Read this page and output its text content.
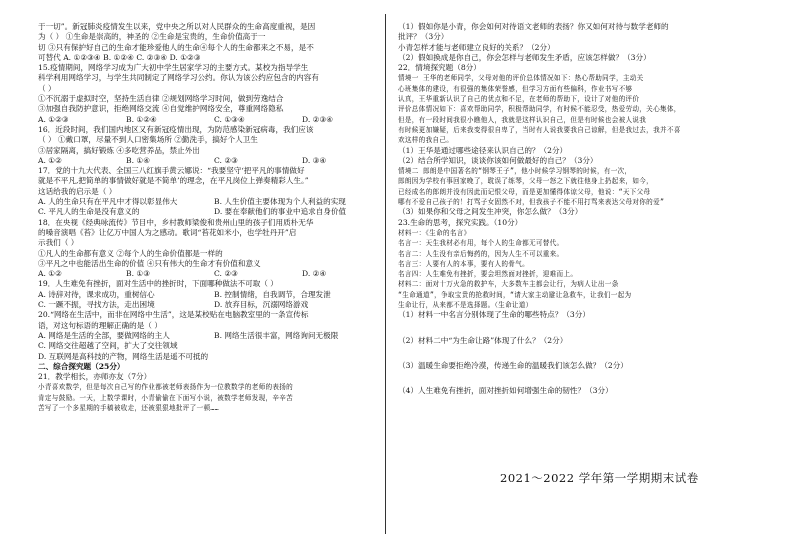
于一切”。新冠肺炎疫情发生以来，党中央之所以对人民群众的生命高度重视，是因
为（ ） ①生命是崇高的，神圣的 ②生命是宝贵的，生命价值高于一
切 ③只有保护好自己的生命才能珍爱他人的生命④每个人的生命都来之不易，是不
可替代 A. ①②③④ B. ①②④ C. ②③④ D. ①②③
15.疫情期间，网络学习成为广大初中学生居家学习的主要方式。某校为指导学生
科学利用网络学习，与学生共同制定了网络学习公约。你认为该公约应包含的内容有
（ ）
①不沉溺于虚拟时空，坚持生活自律 ②规划网络学习时间，做到劳逸结合
③加强自我防护意识，拒绝网络交流 ④自觉维护网络安全，尊重网络隐私
A. ①②③	B. ①②④	C. ①③④	D. ②③④
16．近段时间，我们国内地区又有新冠疫情出现，为防范感染新冠病毒，我们应该
（ ） ①戴口罩，尽量不到人口密集场所 ②勤洗手，搞好个人卫生
③居家隔离，搞好锻炼 ④多吃营养品，禁止外出
A. ①②	B. ①④	C. ②③	D. ③④
17．党的十九大代表、全国三八红旗手黄云娜说：“我要坚守‘把平凡的事情做好
就是不平凡,把简单的事情做好就是不简单’的理念，在平凡岗位上弹奏精彩人生。”
这话给我的启示是（ ）
A. 人的生命只有在平凡中才得以彰显伟大	B. 人生价值主要体现为个人利益的实现
C. 平凡人的生命是没有意义的	D. 要在奉献他们的事业中追求自身价值
18．在央视《经典咏流传》节目中，乡村教师梁俊和贵州山里的孩子们用质朴无华
的嗓音演唱《苔》让亿万中国人为之感动。歌词“苔花如米小，也学牡丹开”启
示我们（ ）
①凡人的生命都有意义 ②每个人的生命价值都是一样的
③平凡之中也能活出生命的价值 ④只有伟大的生命才有价值和意义
A. ①②	B. ①③	C. ②③	D. ②④
19．人生难免有挫折，面对生活中的挫折时，下面哪种做法不可取（ ）
A. 诗辞对待，课求成功，重树信心	B. 控制情绪，自我调节，合理发泄
C. 一蹶不振，寻找方法，走出困境	D. 放弃目标，沉溺网络游戏
20.“网络在生活中，而非在网络中生活”，这是某校贴在电脑教室里的一条宣传标
语，对这句标语的理解正确的是（ ）
A. 网络是生活的全部，要做网络的主人	B. 网络生活很丰富，网络询问无极限
C. 网络交往超越了空间，扩大了交往领域
D. 互联网是高科技的产物，网络生活是遥不可抵的
二、综合探究题（25分）
21．教学相长，亦师亦友（7分）
小青喜欢数学，但是每次自己写的作业都被老师表扬作为一位教数学的老师的表扬的
肯定与鼓励。一天，上数学课时，小青偷偷在下面写小说，被数学老师发现，辛辛苦
苦写了一个多星期的手稿被收走，还被狠狠地批评了一顿……
（1）假如你是小青，你会如何对待语文老师的表扬？你又如何对待与数学老师的
批评？（3分）
小青怎样才能与老师建立良好的关系？（2分）
（2）假如换成是你自己，你会怎样与老师发生矛盾，应该怎样做？（3分）
22．情境探究题（8分）
情境一 王华的老师同学，父母对他的评价总体情况如下：热心帮助同学，主动关
心班集体的建设，有很强的集体荣誉感，但学习方面有些偏科，作业书写不够
认真，王华重新认识了自己的优点和不足，在老师的帮助下，设计了对他的评价
评价总体情况如下：喜欢帮助同学，积极帮助同学，有时候不能忍受，热爱劳动，关心集体，
但是，有一段时间我很小瞧他人，我就是这样认识自己，但是有时候也会被人说我
有时候更加嫌疑，后来我变得很自卑了，当时有人说我要我自己谅解，但是我过去，我并不喜
欢这样的我自己。
（1）王华是通过哪些途径来认识自己的？（2分）
（2）结合所学知识，谈谈你该如何做最好的自己？（3分）
情境二 郎朗是中国著名的“钢琴王子”，他小时候学习钢琴的时候，有一次，
郎朗因为学校有事回家晚了，耽误了练琴，父母一怒之下就往他身上扔起来，如今，
已经成名的郎朗并没有因此而记恨父母，而是更加懂得体谅父母，他说：“天下父母
哪有不爱自己孩子的！打骂子女固然不对，但我孩子不能不用打骂来表达父母对你的爱”
（3）如果你和父母之间发生冲突，你怎么做？（3分）
23.生命的思考，探究实践。（10分）
材料一：《生命的名言》
名言一：天生我材必有用，每个人的生命都无可替代。
名言二：人生没有亲后悔药的，因为人生不可以重来。
名言三：人要有人的本事，要有人的骨气。
名言四：人生难免有挫折，要会坦然面对挫折，迎难而上。
材料二：面对十万火急的救护车，大多数车主都会让行，为病人让出一条
“生命通道”，争取宝贵的抢救时间，“请大家主动避让急救车，让我们一起为
生命让行，从来都不是选择题。（生命让道）
（1）材料一中名言分别体现了生命的哪些特点？（3分）
（2）材料二中“为生命让路”体现了什么？（2分）
（3）温暖生命要拒绝冷漠，传递生命的温暖我们该怎么做？（2分）
（4）人生难免有挫折，面对挫折如何增强生命的韧性？（3分）
2021～2022 学年第一学期期末试卷
